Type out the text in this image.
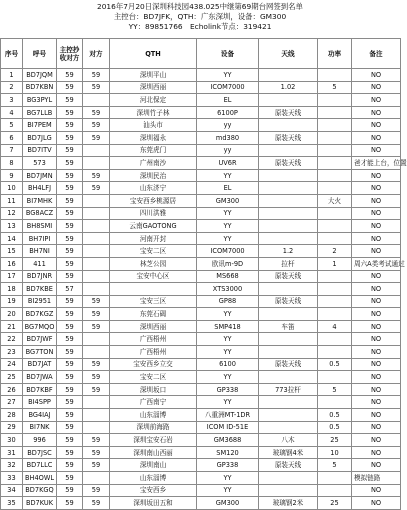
2016年7月20日深圳科技园438.025中继第69期台网签到名单
主控台：BD7JFK，QTH：广东深圳，设备：GM300
YY：89851766　Echolink节点：319421
序号	呼号	主控抄收对方	对方	QTH	设备	天线	功率	备注
1	BD7JQM	59	59	深圳平山	YY			NO
2	BD7KBN	59	59	深圳西丽	ICOM7000	1.02	5	NO
3	BG3PYL	59		河北保定	EL			NO
4	BG7LLB	59	59	深圳竹子林	6100P	原装天线		NO
5	BI7PEM	59	59	汕头市	yy			NO
6	BD7JLG	59	59	深圳福永	md380	原装天线		NO
7	BD7ITV	59		东莞虎门	yy			NO
8	573	59		广州南沙	UV6R	原装天线		爸才能上台，位置
9	BD7JMN	59	59	深圳民治	YY			NO
10	BH4LFJ	59	59	山东济宁	EL			NO
11	BI7MHK	59		宝安西乡桃源居	GM300		大火	NO
12	BG8ACZ	59		四川洪雅	YY			NO
13	BH8SMI	59		云南GAOTONG	YY			NO
14	BH7IPI	59		河南开封	YY			NO
15	BH7NI	59		宝安二区	ICOM7000	1.2	2	NO
16	411	59		林芝公园	欧讯m-9D	拉杆	1	周六A类考试通过
17	BD7JNR	59		宝安中心区	MS668	原装天线		NO
18	BD7KBE	57			XTS3000			NO
19	BI2951	59	59	宝安三区	GP88	原装天线		NO
20	BD7KGZ	59	59	东莞石碣	YY			NO
21	BG7MQO	59	59	深圳西丽	SMP418	车笛	4	NO
22	BD7JWF	59		广西梧州	YY			NO
23	BG7TON	59		广西梧州	YY			NO
24	BD7JAT	59	59	宝安西乡立交	6100	原装天线	0.5	NO
25	BD7JWA	59	59	宝安二区	YY			NO
26	BD7KBF	59	59	深圳坂口	GP338	773拉杆	5	NO
27	BI4SPP	59		广西南宁	YY			NO
28	BG4IAJ	59		山东淄博	八重洲MT-1DR		0.5	NO
29	BI7NK	59		深圳前海路	ICOM ID-51E		0.5	NO
30	996	59	59	深圳宝安石岩	GM3688	八木	25	NO
31	BD7JSC	59	59	深圳南山西丽	SM120	玻璃钢4米	10	NO
32	BD7LLC	59	59	深圳南山	GP338	原装天线	5	NO
33	BH4OWL	59		山东淄博	YY			模拟链路
34	BD7KGQ	59	59	宝安西乡	YY			NO
35	BD7KUK	59	59	深圳坂田五和	GM300	玻璃钢2米	25	NO
